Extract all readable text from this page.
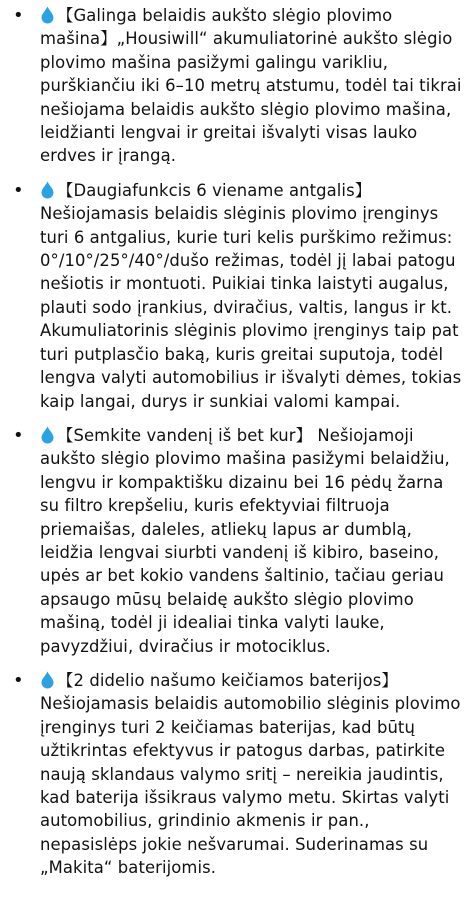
• 【Galinga belaidis aukšto slėgio plovimo mašina】„Housiwill“ akumuliatorinė aukšto slėgio plovimo mašina pasižymi galingu varikliu, purškiančiu iki 6–10 metrų atstumu, todėl tai tikrai nešiojama belaidis aukšto slėgio plovimo mašina, leidžianti lengvai ir greitai išvalyti visas lauko erdves ir įrangą.
• 【Daugiafunkcis 6 viename antgalis】Nešiojamasis belaidis slėginis plovimo įrenginys turi 6 antgalius, kurie turi kelis purškimo režimus: 0°/10°/25°/40°/dušo režimas, todėl jį labai patogu nešiotis ir montuoti. Puikiai tinka laistyti augalus, plauti sodo įrankius, dviračius, valtis, langus ir kt. Akumuliatorinis slėginis plovimo įrenginys taip pat turi putplasčio baką, kuris greitai suputoja, todėl lengva valyti automobilius ir išvalyti dėmes, tokias kaip langai, durys ir sunkiai valomi kampai.
• 【Semkite vandenį iš bet kur】 Nešiojamoji aukšto slėgio plovimo mašina pasižymi belaidžiu, lengvu ir kompaktišku dizainu bei 16 pėdų žarna su filtro krepšeliu, kuris efektyviai filtruoja priemaišas, daleles, atliekų lapus ar dumblą, leidžia lengvai siurbti vandenį iš kibiro, baseino, upės ar bet kokio vandens šaltinio, tačiau geriau apsaugo mūsų belaidę aukšto slėgio plovimo mašiną, todėl ji idealiai tinka valyti lauke, pavyzdžiui, dviračius ir motociklus.
• 【2 didelio našumo keičiamos baterijos】Nešiojamasis belaidis automobilio slėginis plovimo įrenginys turi 2 keičiamas baterijas, kad būtų užtikrintas efektyvus ir patogus darbas, patirkite naują sklandaus valymo sritį – nereikia jaudintis, kad baterija išsikraus valymo metu. Skirtas valyti automobilius, grindinio akmenis ir pan., nepasislėps jokie nešvarumai. Suderinamas su „Makita“ baterijomis.
